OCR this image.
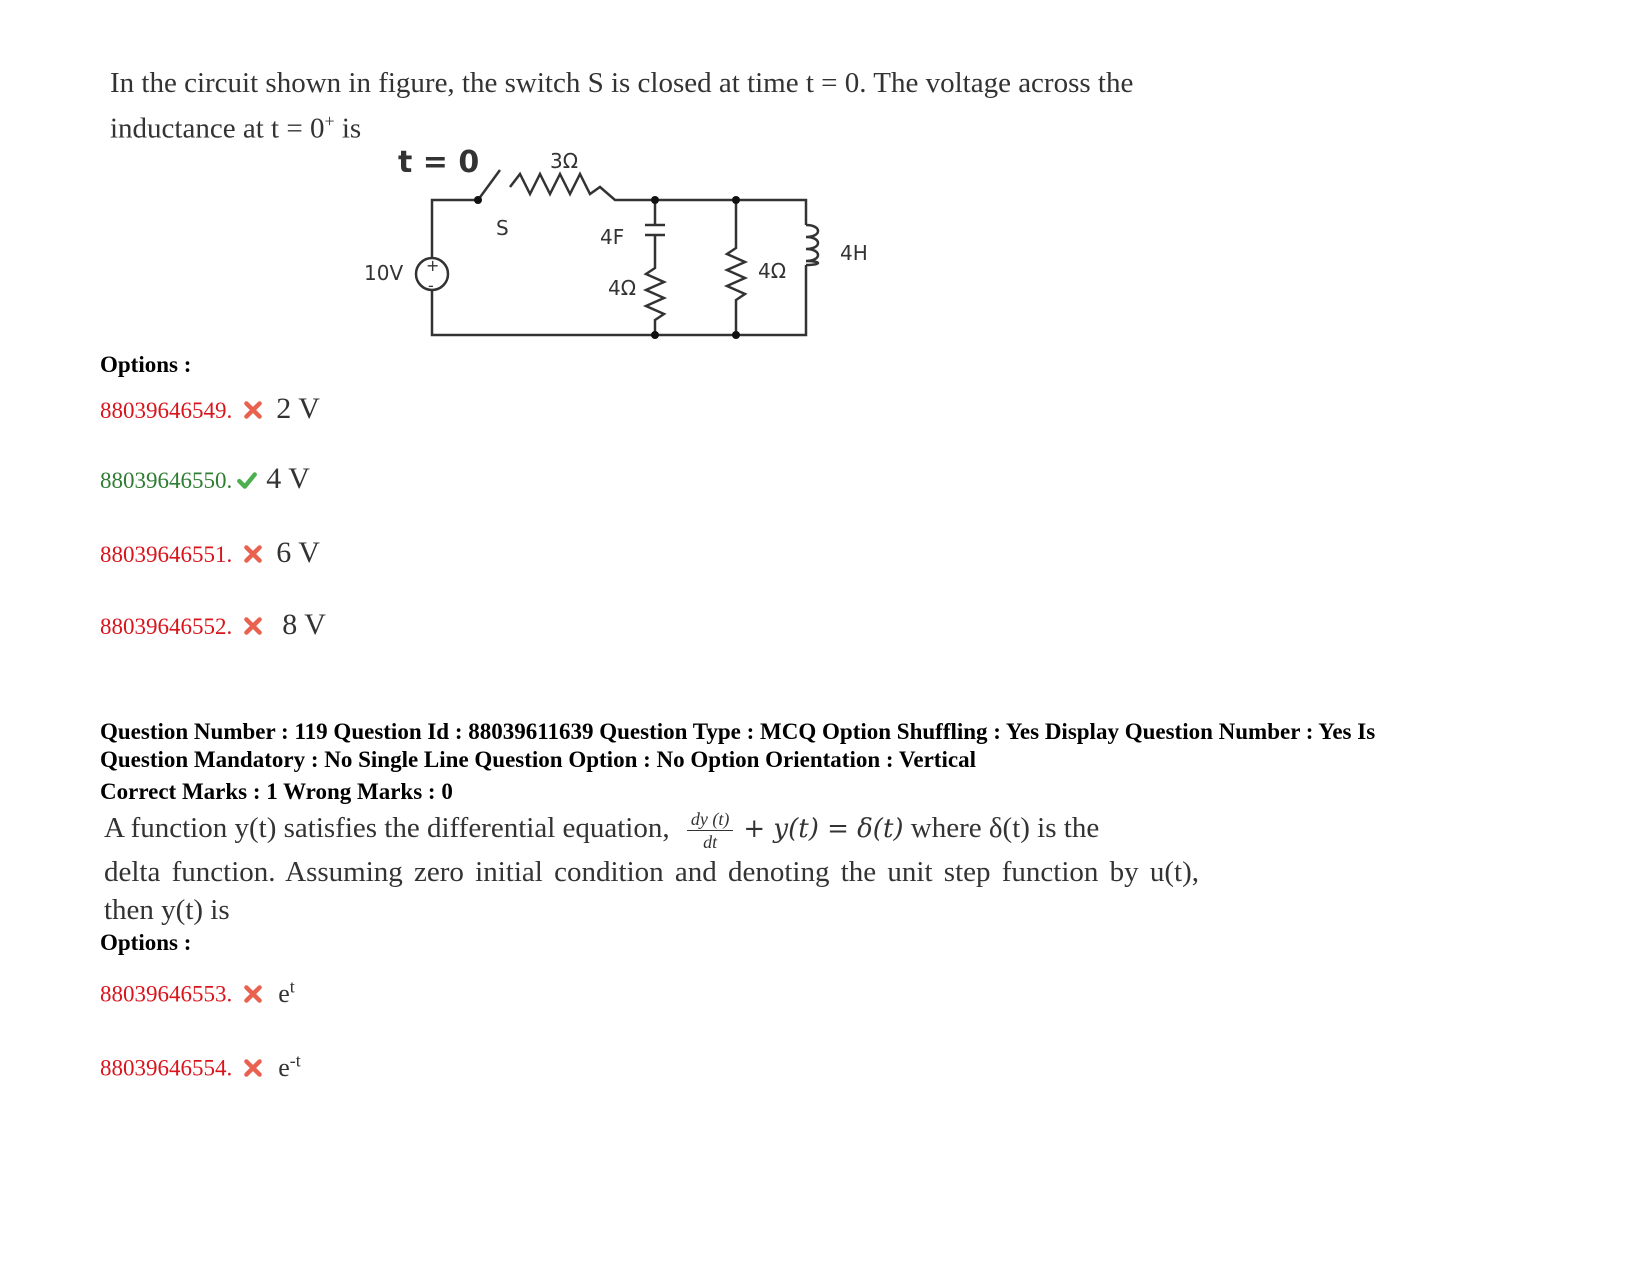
In the circuit shown in figure, the switch S is closed at time t = 0. The voltage across the
inductance at t = 0+ is
t = 0	3Ω
S	4F
4Ω
4Ω
4H
10V +
-
Options :
88039646549. 2 V
88039646550. 4 V
88039646551. 6 V
88039646552. 8 V
Question Number : 119 Question Id : 88039611639 Question Type : MCQ Option Shuffling : Yes Display Question Number : Yes Is
Question Mandatory : No Single Line Question Option : No Option Orientation : Vertical
Correct Marks : 1 Wrong Marks : 0
A function y(t) satisfies the differential equation, $\frac{dy (t)}{dt} + y(t) = \delta(t)$ where δ(t) is the
delta function. Assuming zero initial condition and denoting the unit step function by u(t),
then y(t) is
Options :
88039646553. $e^t$
88039646554. $e^{-t}$
